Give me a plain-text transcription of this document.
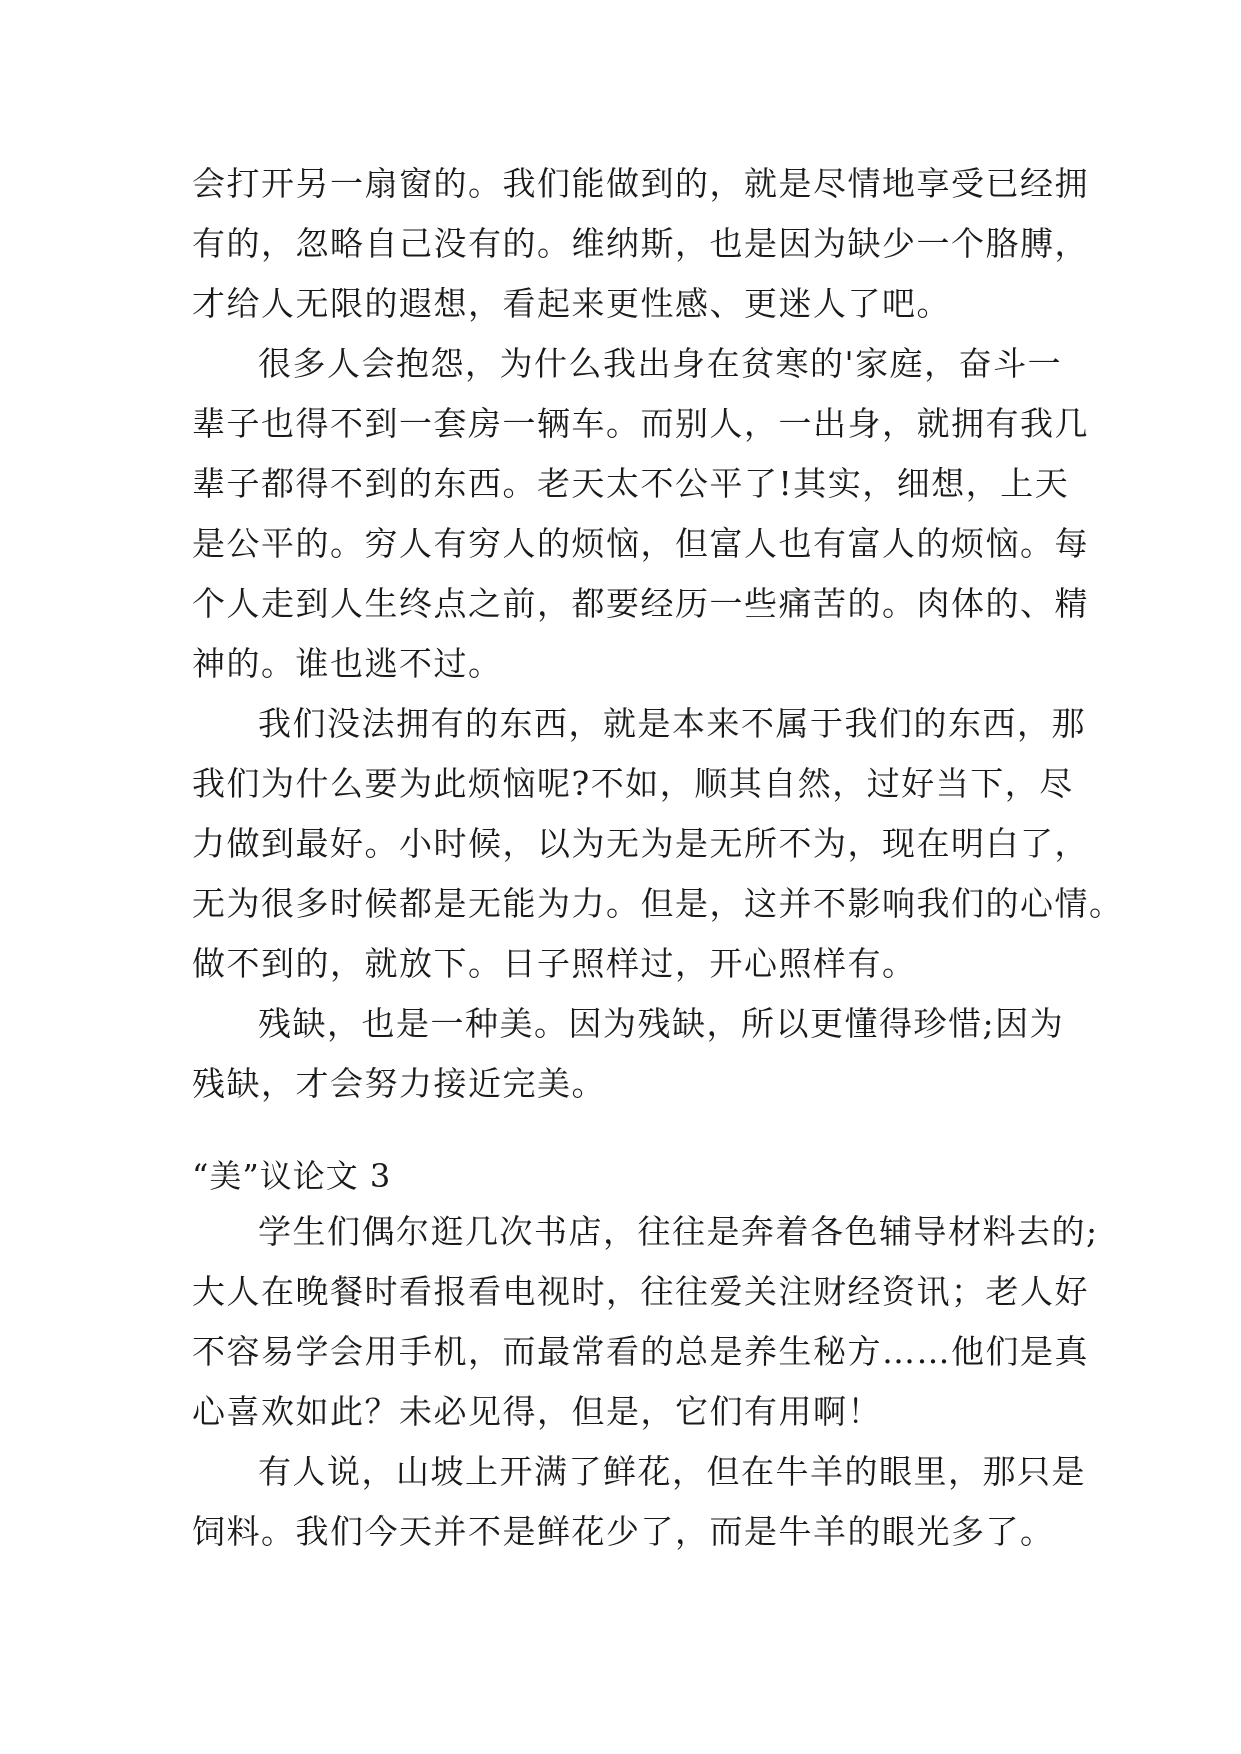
会打开另一扇窗的。我们能做到的，就是尽情地享受已经拥
有的，忽略自己没有的。维纳斯，也是因为缺少一个胳膊，
才给人无限的遐想，看起来更性感、更迷人了吧。
很多人会抱怨，为什么我出身在贫寒的'家庭，奋斗一
辈子也得不到一套房一辆车。而别人，一出身，就拥有我几
辈子都得不到的东西。老天太不公平了!其实，细想，上天
是公平的。穷人有穷人的烦恼，但富人也有富人的烦恼。每
个人走到人生终点之前，都要经历一些痛苦的。肉体的、精
神的。谁也逃不过。
我们没法拥有的东西，就是本来不属于我们的东西，那
我们为什么要为此烦恼呢?不如，顺其自然，过好当下，尽
力做到最好。小时候，以为无为是无所不为，现在明白了，
无为很多时候都是无能为力。但是，这并不影响我们的心情。
做不到的，就放下。日子照样过，开心照样有。
残缺，也是一种美。因为残缺，所以更懂得珍惜;因为
残缺，才会努力接近完美。
“美”议论文 3
学生们偶尔逛几次书店，往往是奔着各色辅导材料去的;
大人在晚餐时看报看电视时，往往爱关注财经资讯；老人好
不容易学会用手机，而最常看的总是养生秘方……他们是真
心喜欢如此？未必见得，但是，它们有用啊！
有人说，山坡上开满了鲜花，但在牛羊的眼里，那只是
饲料。我们今天并不是鲜花少了，而是牛羊的眼光多了。
